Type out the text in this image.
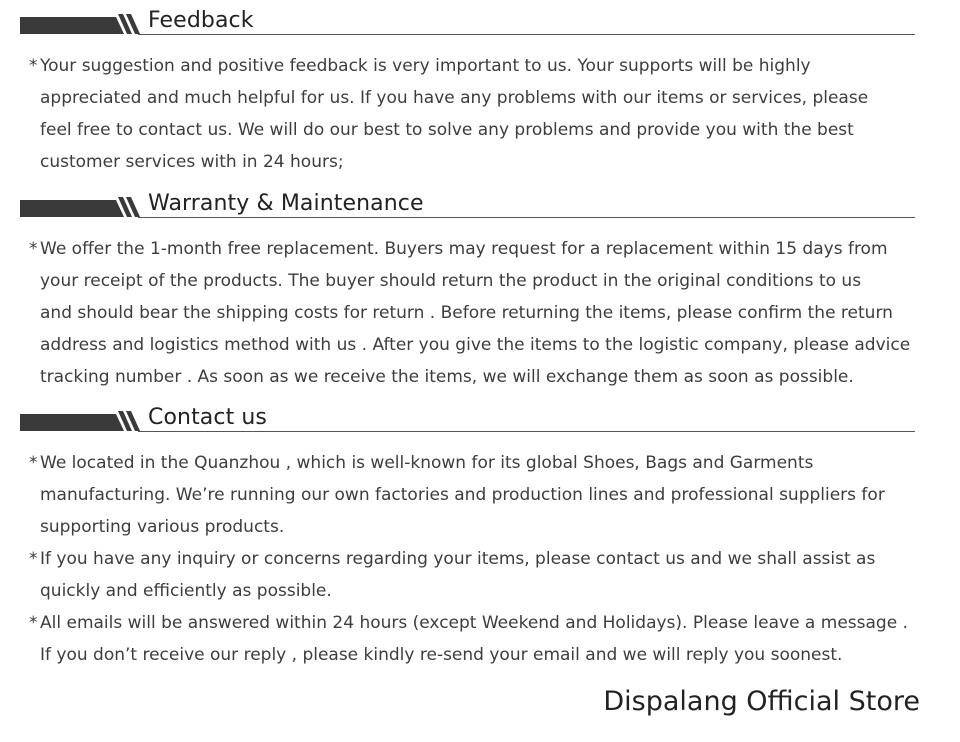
Feedback
* Your suggestion and positive feedback is very important to us. Your supports will be highly
appreciated and much helpful for us. If you have any problems with our items or services, please
feel free to contact us. We will do our best to solve any problems and provide you with the best
customer services with in 24 hours;
Warranty & Maintenance
* We offer the 1-month free replacement. Buyers may request for a replacement within 15 days from
your receipt of the products. The buyer should return the product in the original conditions to us
and should bear the shipping costs for return . Before returning the items, please confirm the return
address and logistics method with us . After you give the items to the logistic company, please advice
tracking number . As soon as we receive the items, we will exchange them as soon as possible.
Contact us
* We located in the Quanzhou , which is well-known for its global Shoes, Bags and Garments
manufacturing. We’re running our own factories and production lines and professional suppliers for
supporting various products.
* If you have any inquiry or concerns regarding your items, please contact us and we shall assist as
quickly and efficiently as possible.
* All emails will be answered within 24 hours (except Weekend and Holidays). Please leave a message .
If you don’t receive our reply , please kindly re-send your email and we will reply you soonest.
Dispalang Official Store
